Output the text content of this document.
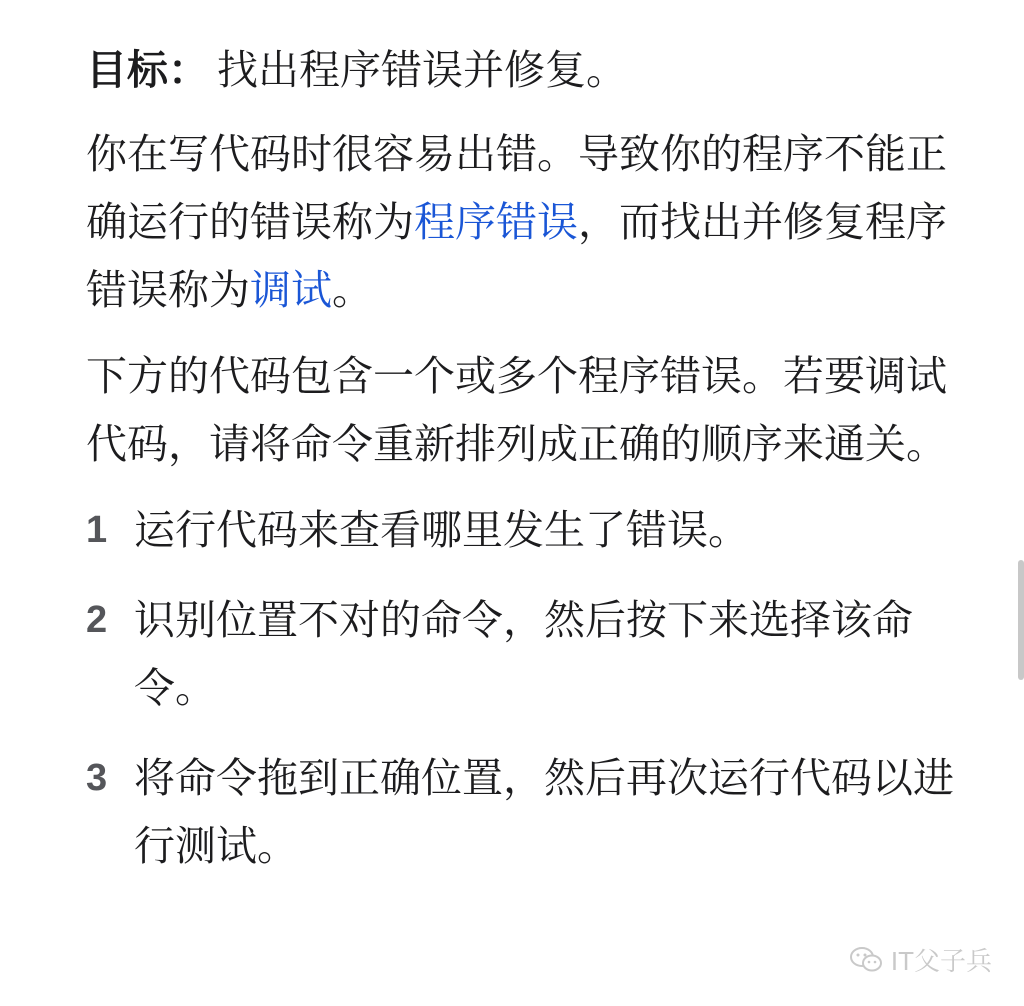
目标： 找出程序错误并修复。

你在写代码时很容易出错。导致你的程序不能正确运行的错误称为程序错误，而找出并修复程序错误称为调试。

下方的代码包含一个或多个程序错误。若要调试代码，请将命令重新排列成正确的顺序来通关。

1 运行代码来查看哪里发生了错误。
2 识别位置不对的命令，然后按下来选择该命令。
3 将命令拖到正确位置，然后再次运行代码以进行测试。
IT父子兵
